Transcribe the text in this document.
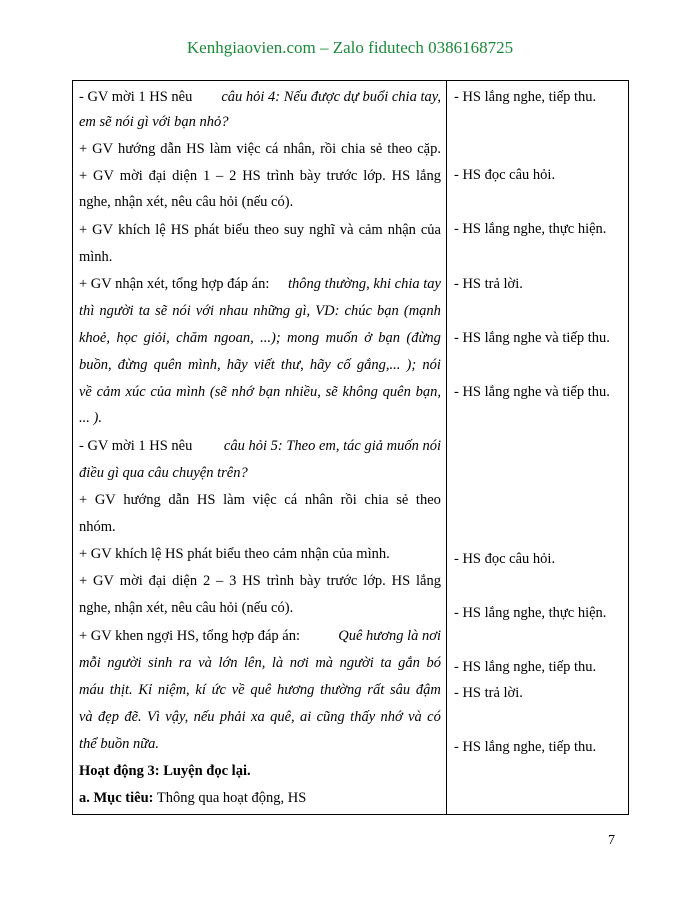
Kenhgiaovien.com – Zalo fidutech 0386168725
- GV mời 1 HS nêu câu hỏi 4: Nếu được dự buổi chia tay,
em sẽ nói gì với bạn nhỏ?
+ GV hướng dẫn HS làm việc cá nhân, rồi chia sẻ theo cặp.
+ GV mời đại diện 1 – 2 HS trình bày trước lớp. HS lắng
nghe, nhận xét, nêu câu hỏi (nếu có).
+ GV khích lệ HS phát biểu theo suy nghĩ và cảm nhận của
mình.
+ GV nhận xét, tổng hợp đáp án: thông thường, khi chia tay
thì người ta sẽ nói với nhau những gì, VD: chúc bạn (mạnh
khoẻ, học giỏi, chăm ngoan, ...); mong muốn ở bạn (đừng
buồn, đừng quên mình, hãy viết thư, hãy cố gắng,... ); nói
về cảm xúc của mình (sẽ nhớ bạn nhiều, sẽ không quên bạn,
... ).
- GV mời 1 HS nêu câu hỏi 5: Theo em, tác giả muốn nói
điều gì qua câu chuyện trên?
+ GV hướng dẫn HS làm việc cá nhân rồi chia sẻ theo
nhóm.
+ GV khích lệ HS phát biểu theo cảm nhận của mình.
+ GV mời đại diện 2 – 3 HS trình bày trước lớp. HS lắng
nghe, nhận xét, nêu câu hỏi (nếu có).
+ GV khen ngợi HS, tổng hợp đáp án: Quê hương là nơi
mỗi người sinh ra và lớn lên, là nơi mà người ta gắn bó
máu thịt. Kỉ niệm, kí ức về quê hương thường rất sâu đậm
và đẹp đẽ. Vì vậy, nếu phải xa quê, ai cũng thấy nhớ và có
thể buồn nữa.
Hoạt động 3: Luyện đọc lại.
a. Mục tiêu: Thông qua hoạt động, HS
- HS lắng nghe, tiếp thu.
- HS đọc câu hỏi.
- HS lắng nghe, thực hiện.
- HS trả lời.
- HS lắng nghe và tiếp thu.
- HS lắng nghe và tiếp thu.
- HS đọc câu hỏi.
- HS lắng nghe, thực hiện.
- HS lắng nghe, tiếp thu.
- HS trả lời.
- HS lắng nghe, tiếp thu.
7
